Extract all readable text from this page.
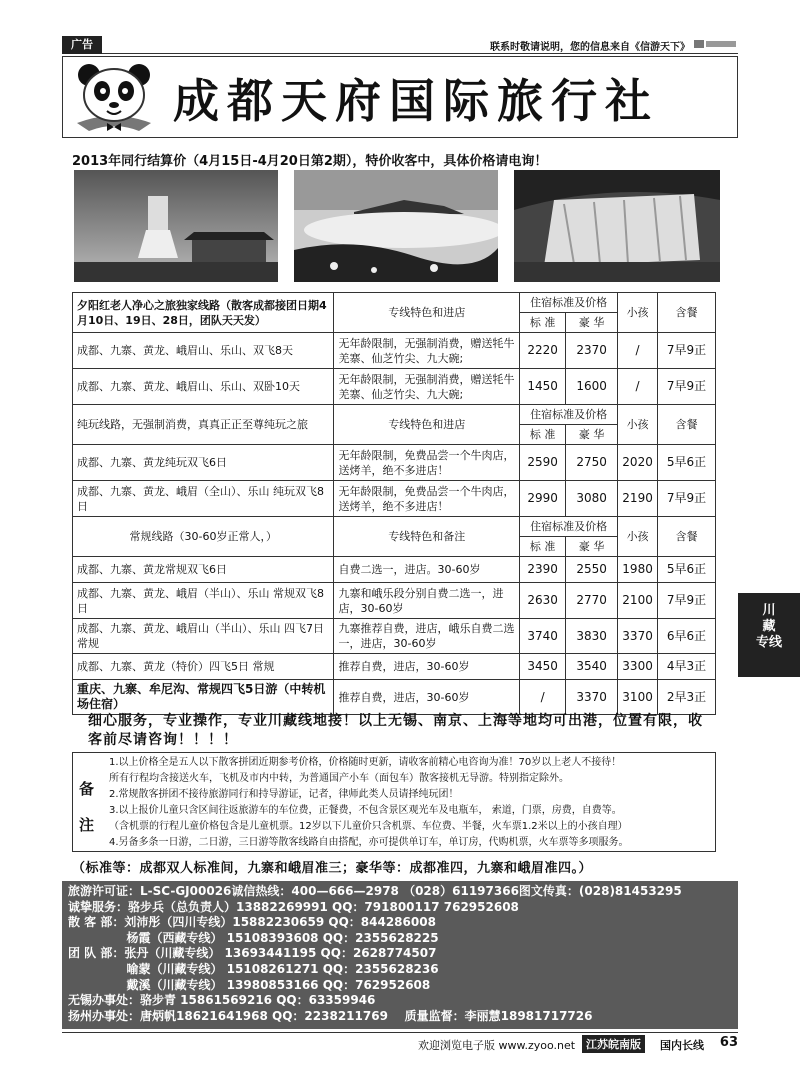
广告	联系时敬请说明，您的信息来自《信游天下》
成都天府国际旅行社
2013年同行结算价（4月15日-4月20日第2期），特价收客中，具体价格请电询！
夕阳红老人净心之旅独家线路（散客成都接团日期4月10日、19日、28日，团队天天发）	专线特色和进店	住宿标准及价格		小孩	含餐
		标 准	豪 华		
成都、九寨、黄龙、峨眉山、乐山、双飞8天	无年龄限制，无强制消费，赠送牦牛羌寨、仙芝竹尖、九大碗;	2220	2370	/	7早9正
成都、九寨、黄龙、峨眉山、乐山、双卧10天	无年龄限制，无强制消费，赠送牦牛羌寨、仙芝竹尖、九大碗;	1450	1600	/	7早9正
纯玩线路，无强制消费，真真正正至尊纯玩之旅	专线特色和进店	住宿标准及价格		小孩	含餐
		标 准	豪 华		
成都、九寨、黄龙纯玩双飞6日	无年龄限制，免费品尝一个牛肉店，送烤羊，绝不多进店！	2590	2750	2020	5早6正
成都、九寨、黄龙、峨眉（全山）、乐山 纯玩双飞8日	无年龄限制，免费品尝一个牛肉店，送烤羊，绝不多进店！	2990	3080	2190	7早9正
常规线路（30-60岁正常人，）	专线特色和备注	住宿标准及价格		小孩	含餐
		标 准	豪 华		
成都、九寨、黄龙常规双飞6日	自费二选一，进店。30-60岁	2390	2550	1980	5早6正
成都、九寨、黄龙、峨眉（半山）、乐山 常规双飞8日	九寨和峨乐段分别自费二选一，进店，30-60岁	2630	2770	2100	7早9正
成都、九寨、黄龙、峨眉山（半山）、乐山 四飞7日 常规	九寨推荐自费，进店，峨乐自费二选一，进店，30-60岁	3740	3830	3370	6早6正
成都、九寨、黄龙（特价）四飞5日 常规	推荐自费，进店，30-60岁	3450	3540	3300	4早3正
重庆、九寨、牟尼沟、常规四飞5日游（中转机场住宿）	推荐自费，进店，30-60岁	/	3370	3100	2早3正
细心服务，专业操作，专业川藏线地接！以上无锡、南京、上海等地均可出港，位置有限，收客前尽请咨询！！！！
备
注
1.以上价格全是五人以下散客拼团近期参考价格，价格随时更新，请收客前精心电咨询为准！70岁以上老人不接待！
所有行程均含接送火车，飞机及市内中转，为普通国产小车（面包车）散客接机无导游。特别指定除外。
2.常规散客拼团不接待旅游同行和持导游证，记者，律师此类人员请择纯玩团！
3.以上报价儿童只含区间往返旅游车的车位费，正餐费，不包含景区观光车及电瓶车， 索道，门票，房费，自费等。
（含机票的行程儿童价格包含是儿童机票。12岁以下儿童价只含机票、车位费、半餐，火车票1.2米以上的小孩自理）
4.另备多条一日游，二日游，三日游等散客线路自由搭配，亦可提供单订车，单订房，代购机票，火车票等多项服务。
（标准等：成都双人标准间，九寨和峨眉准三；豪华等：成都准四，九寨和峨眉准四。）
旅游许可证：L-SC-GJ00026诚信热线：400—666—2978 （028）61197366图文传真：(028)81453295
诚挚服务：骆步兵（总负责人）13882269991 QQ：791800117 762952608
散 客 部：刘沛彤（四川专线）15882230659 QQ：844286008
杨霞（西藏专线） 15108393608 QQ：2355628225
团 队 部：张丹（川藏专线） 13693441195 QQ：2628774507
喻蒙（川藏专线） 15108261271 QQ：2355628236
戴溪（川藏专线） 13980853166 QQ：762952608
无锡办事处：骆步青 15861569216 QQ：63359946
扬州办事处：唐炳帆18621641968 QQ：2238211769    质量监督：李丽慧18981717726
欢迎浏览电子版 www.zyoo.net 江苏皖南版	国内长线 63
川
藏
专线
